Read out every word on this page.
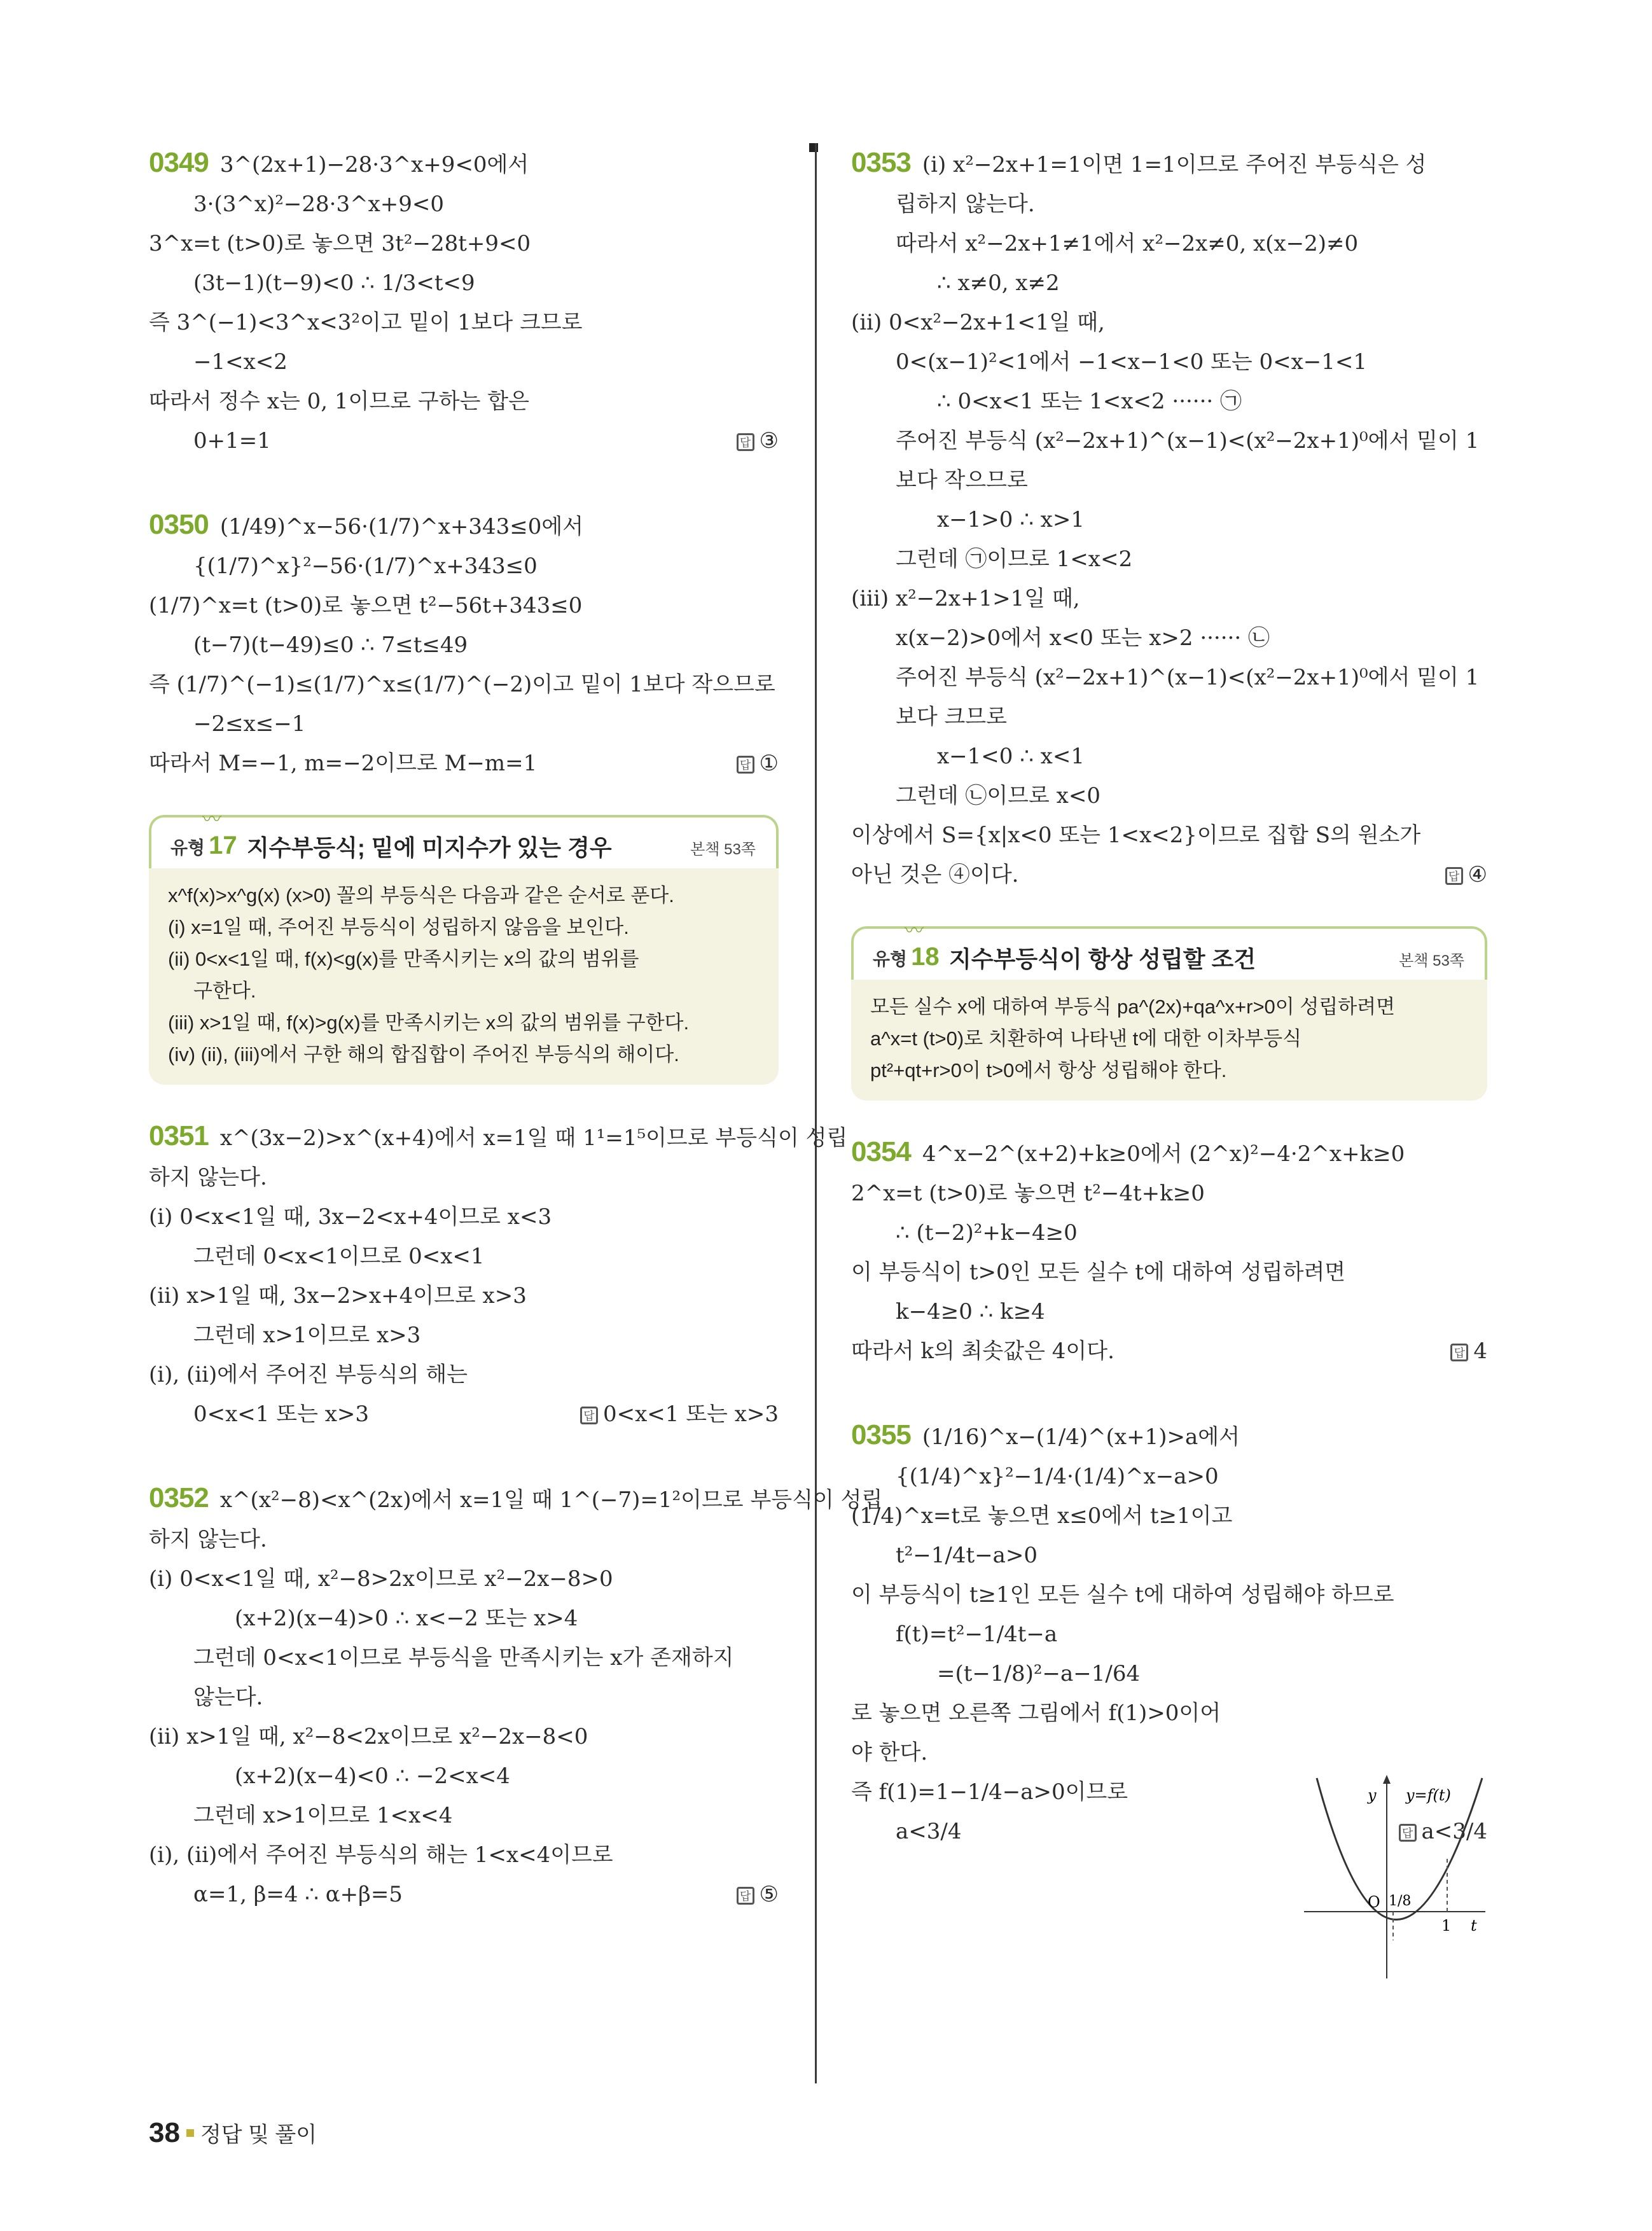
0349 3^(2x+1)−28·3^x+9<0에서
3·(3^x)²−28·3^x+9<0
3^x=t (t>0)로 놓으면 3t²−28t+9<0
(3t−1)(t−9)<0 ∴ 1/3<t<9
즉 3^(−1)<3^x<3²이고 밑이 1보다 크므로
−1<x<2
따라서 정수 x는 0, 1이므로 구하는 합은
0+1=1	답 ③
0350 (1/49)^x−56·(1/7)^x+343≤0에서
{(1/7)^x}²−56·(1/7)^x+343≤0
(1/7)^x=t (t>0)로 놓으면 t²−56t+343≤0
(t−7)(t−49)≤0 ∴ 7≤t≤49
즉 (1/7)^(−1)≤(1/7)^x≤(1/7)^(−2)이고 밑이 1보다 작으므로
−2≤x≤−1
따라서 M=−1, m=−2이므로 M−m=1	답 ①
〰
유형 17 지수부등식; 밑에 미지수가 있는 경우	본책 53쪽
x^f(x)>x^g(x) (x>0) 꼴의 부등식은 다음과 같은 순서로 푼다.
(i) x=1일 때, 주어진 부등식이 성립하지 않음을 보인다.
(ii) 0<x<1일 때, f(x)<g(x)를 만족시키는 x의 값의 범위를
구한다.
(iii) x>1일 때, f(x)>g(x)를 만족시키는 x의 값의 범위를 구한다.
(iv) (ii), (iii)에서 구한 해의 합집합이 주어진 부등식의 해이다.
0351 x^(3x−2)>x^(x+4)에서 x=1일 때 1¹=1⁵이므로 부등식이 성립
하지 않는다.
(i) 0<x<1일 때, 3x−2<x+4이므로 x<3
그런데 0<x<1이므로 0<x<1
(ii) x>1일 때, 3x−2>x+4이므로 x>3
그런데 x>1이므로 x>3
(i), (ii)에서 주어진 부등식의 해는
0<x<1 또는 x>3	답 0<x<1 또는 x>3
0352 x^(x²−8)<x^(2x)에서 x=1일 때 1^(−7)=1²이므로 부등식이 성립
하지 않는다.
(i) 0<x<1일 때, x²−8>2x이므로 x²−2x−8>0
(x+2)(x−4)>0 ∴ x<−2 또는 x>4
그런데 0<x<1이므로 부등식을 만족시키는 x가 존재하지
않는다.
(ii) x>1일 때, x²−8<2x이므로 x²−2x−8<0
(x+2)(x−4)<0 ∴ −2<x<4
그런데 x>1이므로 1<x<4
(i), (ii)에서 주어진 부등식의 해는 1<x<4이므로
α=1, β=4 ∴ α+β=5	답 ⑤
0353 (i) x²−2x+1=1이면 1=1이므로 주어진 부등식은 성
립하지 않는다.
따라서 x²−2x+1≠1에서 x²−2x≠0, x(x−2)≠0
∴ x≠0, x≠2
(ii) 0<x²−2x+1<1일 때,
0<(x−1)²<1에서 −1<x−1<0 또는 0<x−1<1
∴ 0<x<1 또는 1<x<2 ······ ㉠
주어진 부등식 (x²−2x+1)^(x−1)<(x²−2x+1)⁰에서 밑이 1
보다 작으므로
x−1>0 ∴ x>1
그런데 ㉠이므로 1<x<2
(iii) x²−2x+1>1일 때,
x(x−2)>0에서 x<0 또는 x>2 ······ ㉡
주어진 부등식 (x²−2x+1)^(x−1)<(x²−2x+1)⁰에서 밑이 1
보다 크므로
x−1<0 ∴ x<1
그런데 ㉡이므로 x<0
이상에서 S={x|x<0 또는 1<x<2}이므로 집합 S의 원소가
아닌 것은 ④이다.	답 ④
〰
유형 18 지수부등식이 항상 성립할 조건	본책 53쪽
모든 실수 x에 대하여 부등식 pa^(2x)+qa^x+r>0이 성립하려면
a^x=t (t>0)로 치환하여 나타낸 t에 대한 이차부등식
pt²+qt+r>0이 t>0에서 항상 성립해야 한다.
0354 4^x−2^(x+2)+k≥0에서 (2^x)²−4·2^x+k≥0
2^x=t (t>0)로 놓으면 t²−4t+k≥0
∴ (t−2)²+k−4≥0
이 부등식이 t>0인 모든 실수 t에 대하여 성립하려면
k−4≥0 ∴ k≥4
따라서 k의 최솟값은 4이다.	답 4
0355 (1/16)^x−(1/4)^(x+1)>a에서
{(1/4)^x}²−1/4·(1/4)^x−a>0
(1/4)^x=t로 놓으면 x≤0에서 t≥1이고
t²−1/4t−a>0
이 부등식이 t≥1인 모든 실수 t에 대하여 성립해야 하므로
f(t)=t²−1/4t−a
=(t−1/8)²−a−1/64
로 놓으면 오른쪽 그림에서 f(1)>0이어
야 한다.
즉 f(1)=1−1/4−a>0이므로
a<3/4	답 a<3/4
y y=f(t)
O 1/8
1 t
38 정답 및 풀이
